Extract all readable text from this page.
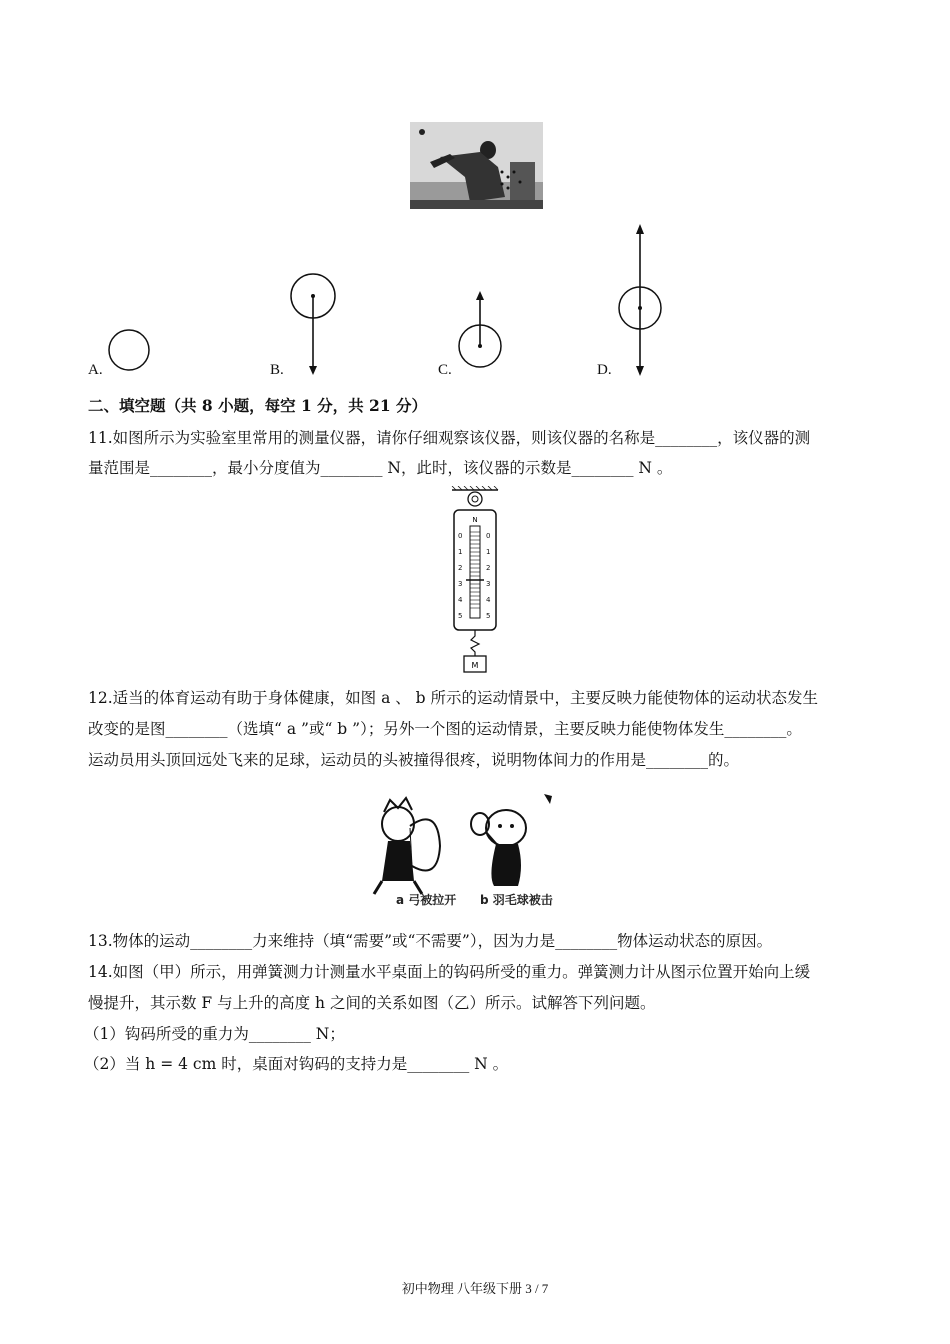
A.	B.	C.	D.
二、填空题（共 8 小题，每空 1 分，共 21 分）
11.如图所示为实验室里常用的测量仪器，请你仔细观察该仪器，则该仪器的名称是________，该仪器的测
量范围是________，最小分度值为________ N，此时，该仪器的示数是________ N 。
N
0
1
2
3
4
5
0
1
2
3
4
5
M
12.适当的体育运动有助于身体健康，如图 a 、 b 所示的运动情景中，主要反映力能使物体的运动状态发生
改变的是图________（选填“ a ”或“ b ”）；另外一个图的运动情景，主要反映力能使物体发生________。
运动员用头顶回远处飞来的足球，运动员的头被撞得很疼，说明物体间力的作用是________的。
a 弓被拉开 b 羽毛球被击
13.物体的运动________力来维持（填“需要”或“不需要”），因为力是________物体运动状态的原因。
14.如图（甲）所示，用弹簧测力计测量水平桌面上的钩码所受的重力。弹簧测力计从图示位置开始向上缓
慢提升，其示数 F 与上升的高度 h 之间的关系如图（乙）所示。试解答下列问题。
（1）钩码所受的重力为________ N；
（2）当 h = 4 cm 时，桌面对钩码的支持力是________ N 。
初中物理 八年级下册 3 / 7
